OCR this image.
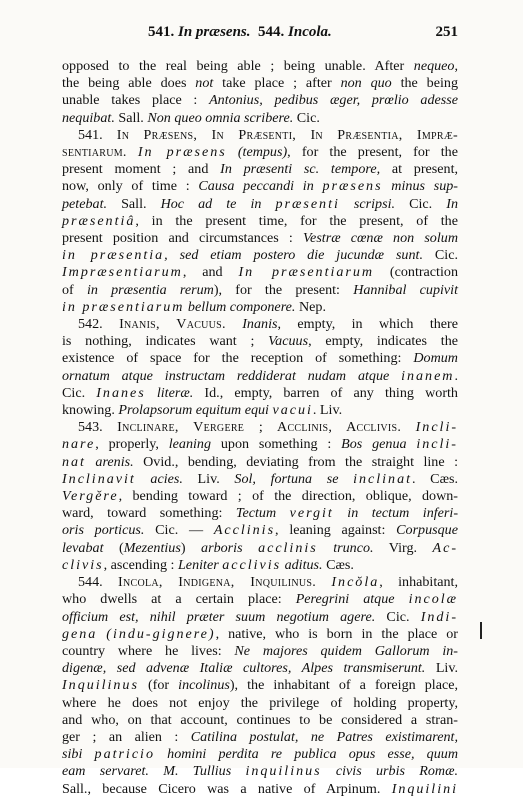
541. In præsens. 544. Incola.	251
opposed to the real being able ; being unable. After nequeo,
the being able does not take place ; after non quo the being
unable takes place : Antonius, pedibus æger, prœlio adesse
nequibat. Sall. Non queo omnia scribere. Cic.
541. In Præsens, In Præsenti, In Præsentia, Impræ-
sentiarum. In præsens (tempus), for the present, for the
present moment ; and In præsenti sc. tempore, at present,
now, only of time : Causa peccandi in præsens minus sup-
petebat. Sall. Hoc ad te in præsenti scripsi. Cic. In
præsentiâ, in the present time, for the present, of the
present position and circumstances : Vestræ cœnæ non solum
in præsentia, sed etiam postero die jucundæ sunt. Cic.
Impræsentiarum, and In præsentiarum (contraction
of in præsentia rerum), for the present: Hannibal cupivit
in præsentiarum bellum componere. Nep.
542. Inanis, Vacuus. Inanis, empty, in which there
is nothing, indicates want ; Vacuus, empty, indicates the
existence of space for the reception of something: Domum
ornatum atque instructam reddiderat nudam atque inanem.
Cic. Inanes literæ. Id., empty, barren of any thing worth
knowing. Prolapsorum equitum equi vacui. Liv.
543. Inclinare, Vergere ; Acclinis, Acclivis. Incli-
nare, properly, leaning upon something : Bos genua incli-
nat arenis. Ovid., bending, deviating from the straight line :
Inclinavit acies. Liv. Sol, fortuna se inclinat. Cæs.
Vergĕre, bending toward ; of the direction, oblique, down-
ward, toward something: Tectum vergit in tectum inferi-
oris porticus. Cic. — Acclinis, leaning against: Corpusque
levabat (Mezentius) arboris acclinis trunco. Virg. Ac-
clivis, ascending : Leniter acclivis aditus. Cæs.
544. Incola, Indigena, Inquilinus. Incŏla, inhabitant,
who dwells at a certain place: Peregrini atque incolæ
officium est, nihil præter suum negotium agere. Cic. Indi-
gena (indu-gignere), native, who is born in the place or
country where he lives: Ne majores quidem Gallorum in-
digenæ, sed advenæ Italiæ cultores, Alpes transmiserunt. Liv.
Inquilinus (for incolinus), the inhabitant of a foreign place,
where he does not enjoy the privilege of holding property,
and who, on that account, continues to be considered a stran-
ger ; an alien : Catilina postulat, ne Patres existimarent,
sibi patricio homini perdita re publica opus esse, quum
eam servaret. M. Tullius inquilinus civis urbis Romæ.
Sall., because Cicero was a native of Arpinum. Inquilini
